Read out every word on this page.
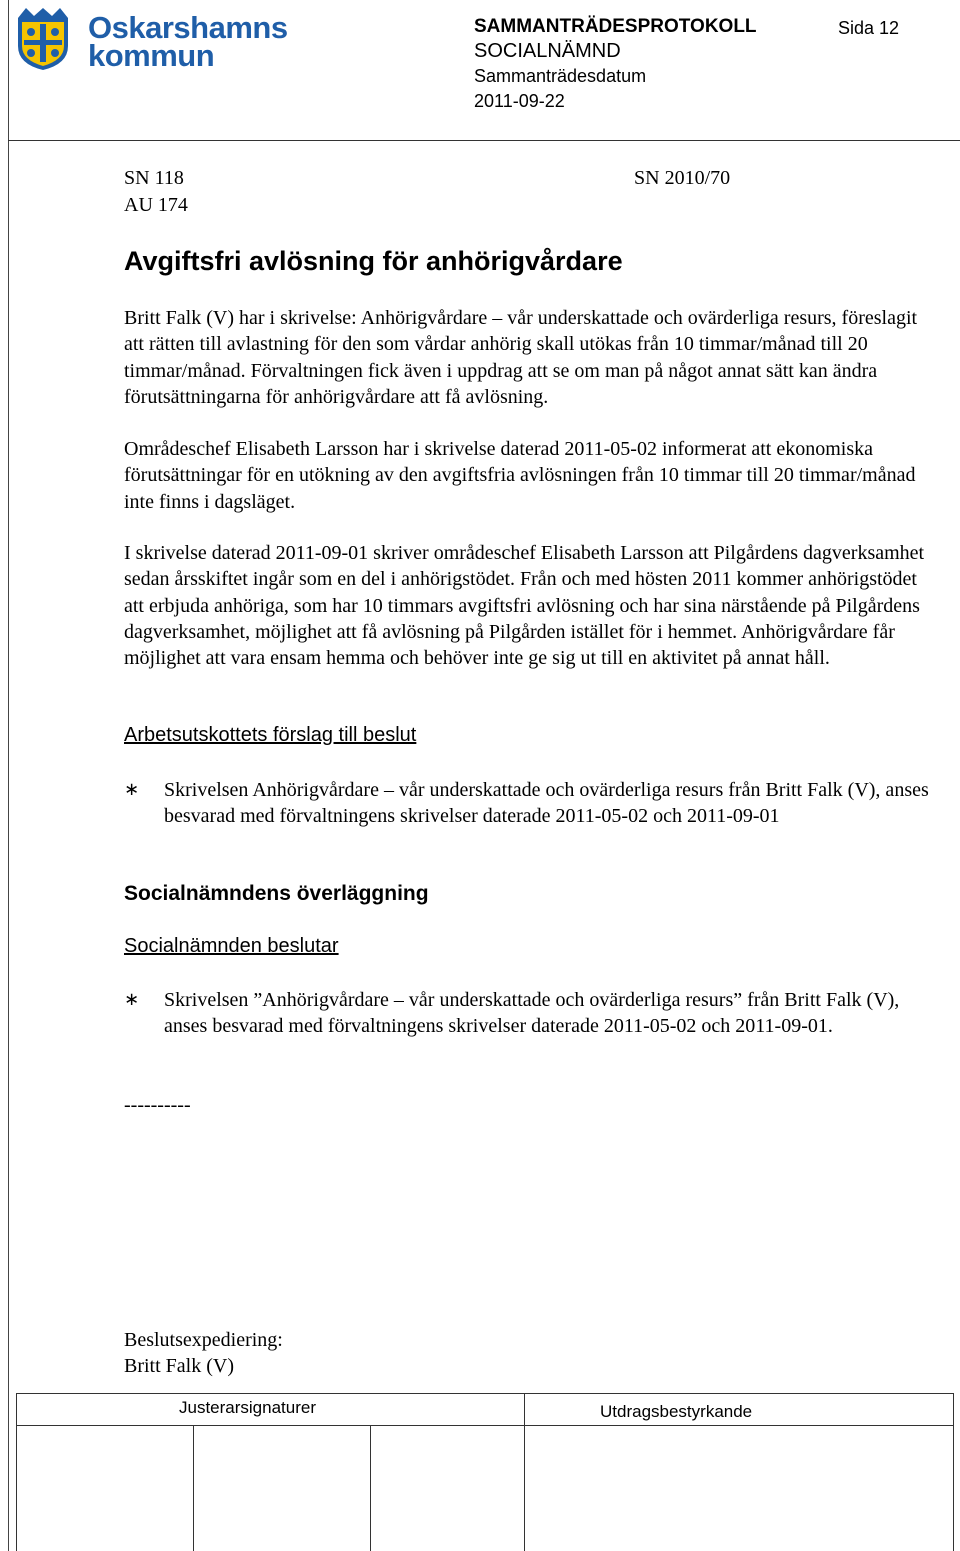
Oskarshamns
kommun
SAMMANTRÄDESPROTOKOLL
SOCIALNÄMND
Sammanträdesdatum
2011-09-22
Sida 12
SN 118
AU 174
SN 2010/70
Avgiftsfri avlösning för anhörigvårdare

Britt Falk (V) har i skrivelse: Anhörigvårdare – vår underskattade och ovärderliga resurs, föreslagit att rätten till avlastning för den som vårdar anhörig skall utökas från 10 timmar/månad till 20 timmar/månad. Förvaltningen fick även i uppdrag att se om man på något annat sätt kan ändra förutsättningarna för anhörigvårdare att få avlösning.

Områdeschef Elisabeth Larsson har i skrivelse daterad 2011-05-02 informerat att ekonomiska förutsättningar för en utökning av den avgiftsfria avlösningen från 10 timmar till 20 timmar/månad inte finns i dagsläget.

I skrivelse daterad 2011-09-01 skriver områdeschef Elisabeth Larsson att Pilgårdens dagverksamhet sedan årsskiftet ingår som en del i anhörigstödet. Från och med hösten 2011 kommer anhörigstödet att erbjuda anhöriga, som har 10 timmars avgiftsfri avlösning och har sina närstående på Pilgårdens dagverksamhet, möjlighet att få avlösning på Pilgården istället för i hemmet. Anhörigvårdare får möjlighet att vara ensam hemma och behöver inte ge sig ut till en aktivitet på annat håll.

Arbetsutskottets förslag till beslut
∗	Skrivelsen Anhörigvårdare – vår underskattade och ovärderliga resurs från Britt Falk (V), anses besvarad med förvaltningens skrivelser daterade 2011-05-02 och 2011-09-01

Socialnämndens överläggning
Socialnämnden beslutar
∗	Skrivelsen ”Anhörigvårdare – vår underskattade och ovärderliga resurs” från Britt Falk (V), anses besvarad med förvaltningens skrivelser daterade 2011-05-02 och 2011-09-01.

----------
Beslutsexpediering:
Britt Falk (V)
Justerarsignaturer	Utdragsbestyrkande
